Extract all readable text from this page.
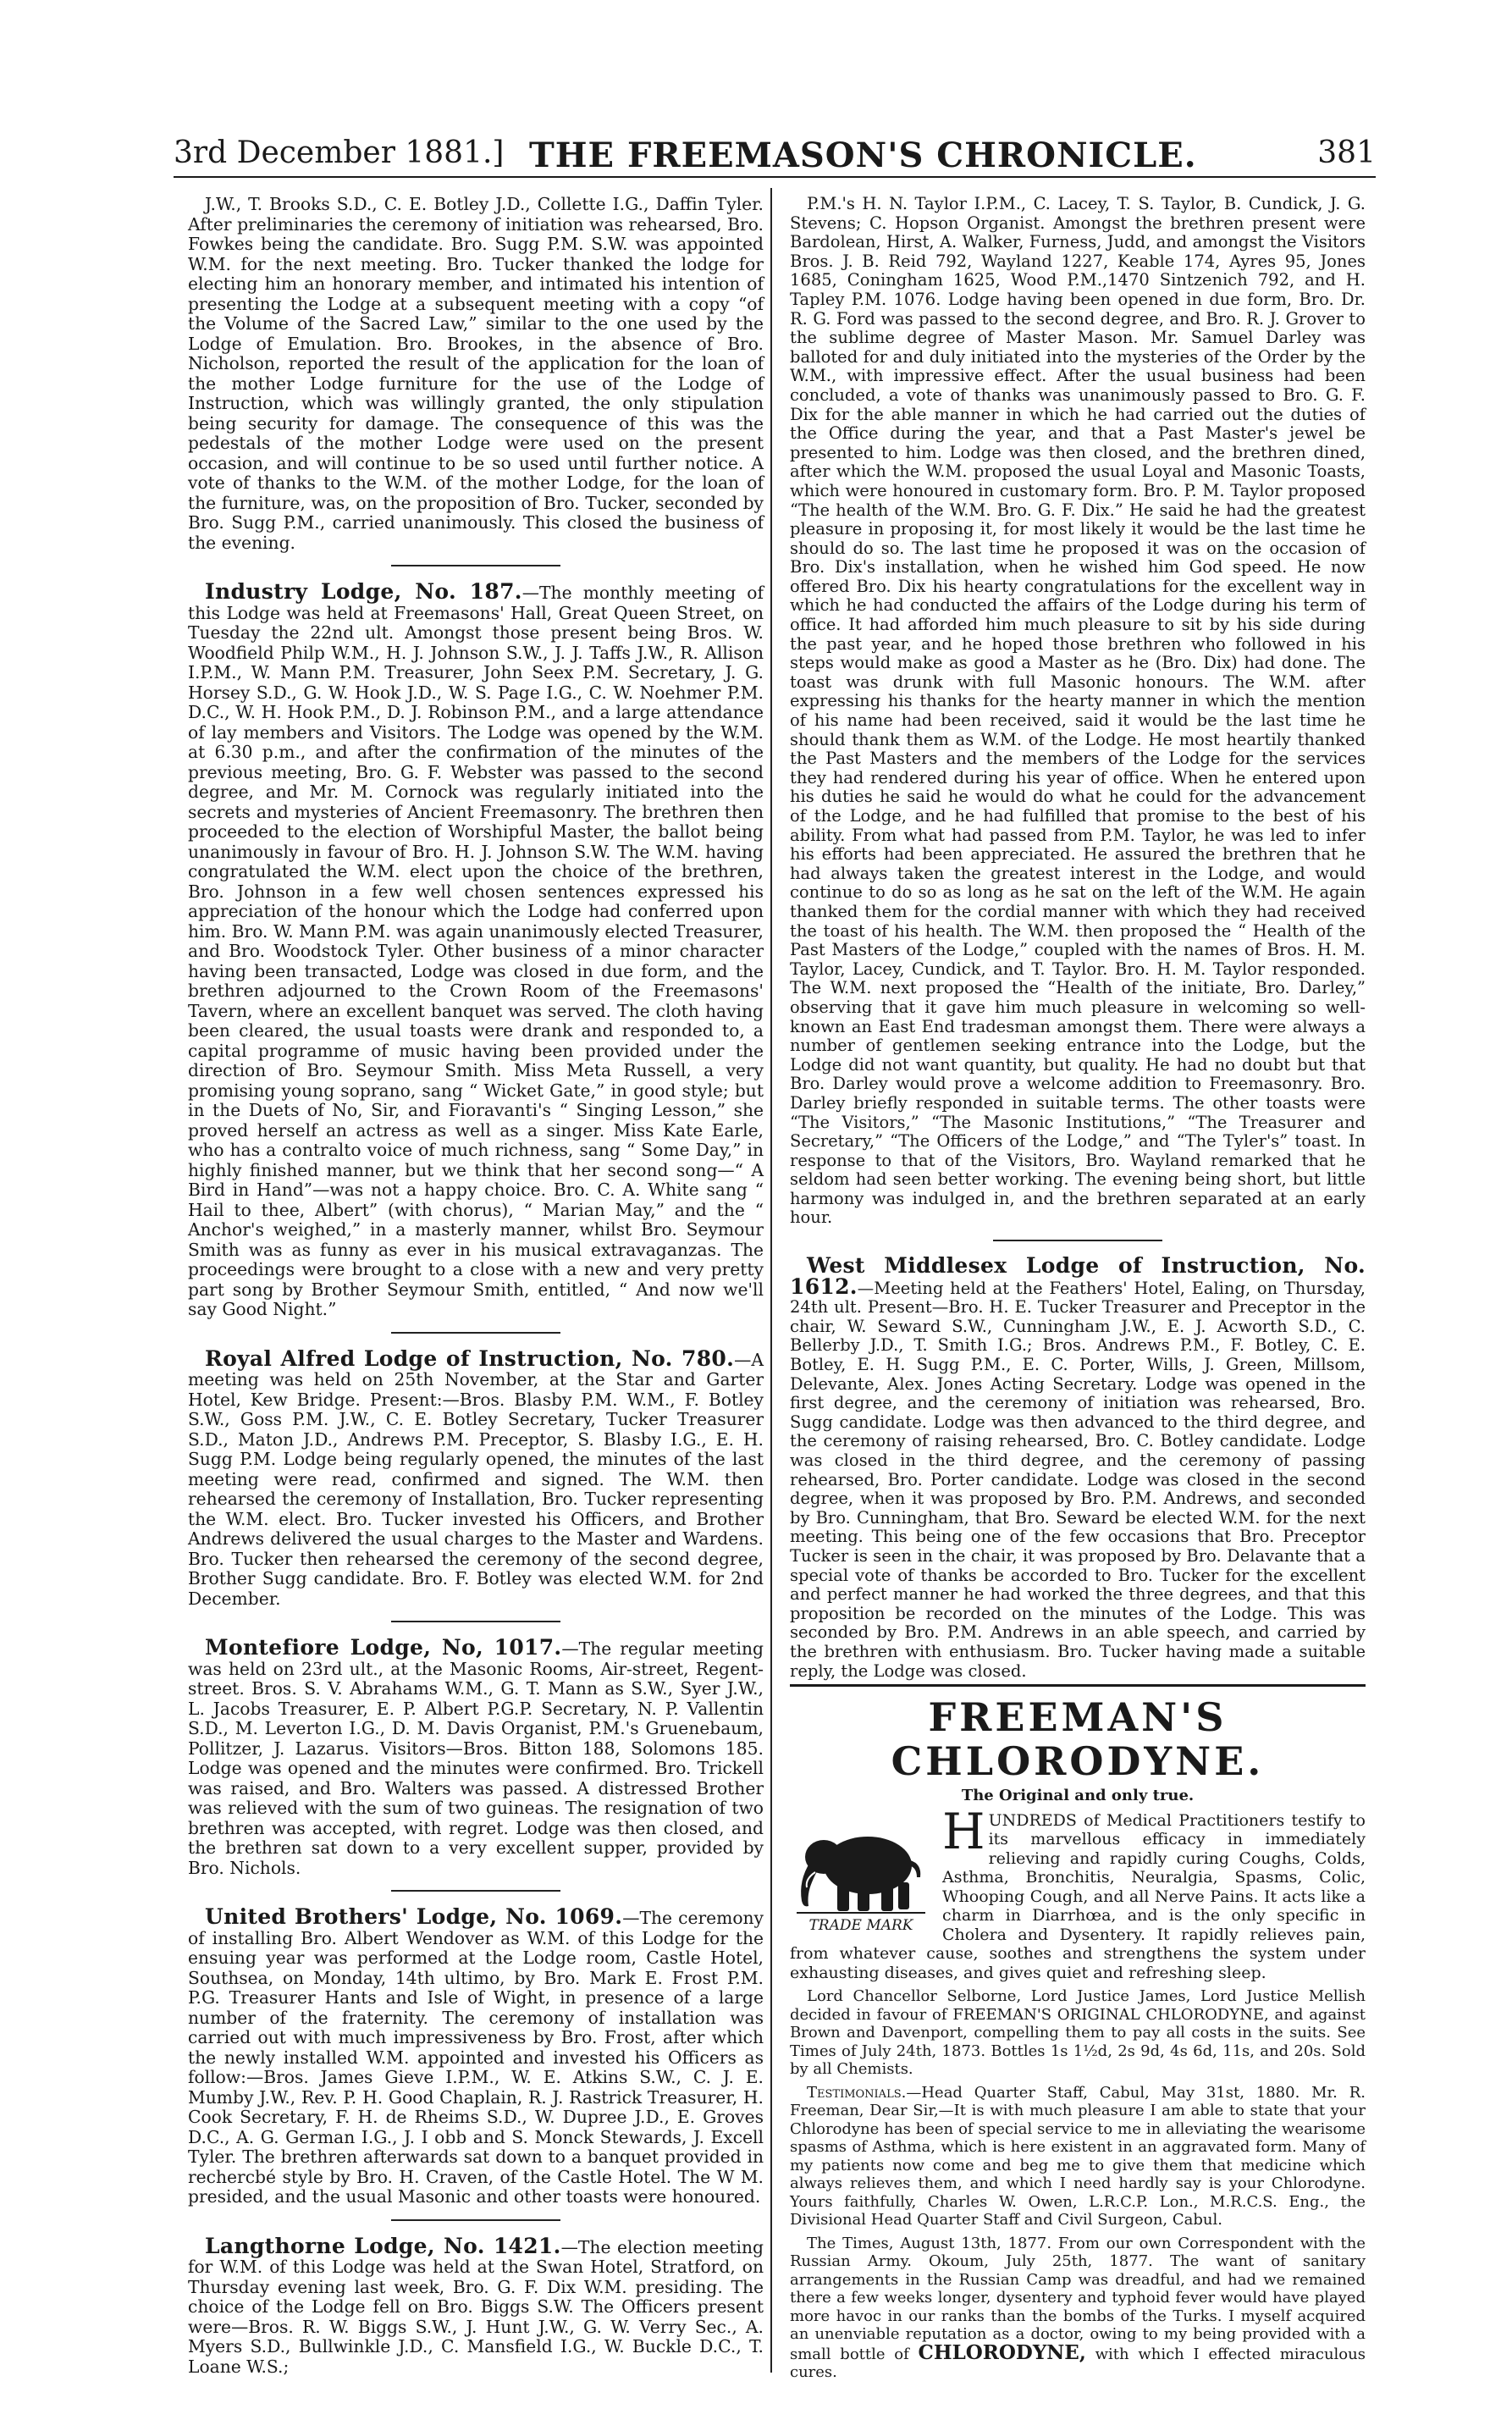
3rd December 1881.] THE FREEMASON'S CHRONICLE.	381

J.W., T. Brooks S.D., C. E. Botley J.D., Collette I.G., Daffin Tyler. After preliminaries the ceremony of initiation was rehearsed, Bro. Fowkes being the candidate. Bro. Sugg P.M. S.W. was appointed W.M. for the next meeting. Bro. Tucker thanked the lodge for electing him an honorary member, and intimated his intention of presenting the Lodge at a subsequent meeting with a copy “of the Volume of the Sacred Law,” similar to the one used by the Lodge of Emulation. Bro. Brookes, in the absence of Bro. Nicholson, reported the result of the application for the loan of the mother Lodge furniture for the use of the Lodge of Instruction, which was willingly granted, the only stipulation being security for damage. The consequence of this was the pedestals of the mother Lodge were used on the present occasion, and will continue to be so used until further notice. A vote of thanks to the W.M. of the mother Lodge, for the loan of the furniture, was, on the proposition of Bro. Tucker, seconded by Bro. Sugg P.M., carried unanimously. This closed the business of the evening.

Industry Lodge, No. 187.—The monthly meeting of this Lodge was held at Freemasons' Hall, Great Queen Street, on Tuesday the 22nd ult. Amongst those present being Bros. W. Woodfield Philp W.M., H. J. Johnson S.W., J. J. Taffs J.W., R. Allison I.P.M., W. Mann P.M. Treasurer, John Seex P.M. Secretary, J. G. Horsey S.D., G. W. Hook J.D., W. S. Page I.G., C. W. Noehmer P.M. D.C., W. H. Hook P.M., D. J. Robinson P.M., and a large attendance of lay members and Visitors. The Lodge was opened by the W.M. at 6.30 p.m., and after the confirmation of the minutes of the previous meeting, Bro. G. F. Webster was passed to the second degree, and Mr. M. Cornock was regularly initiated into the secrets and mysteries of Ancient Freemasonry. The brethren then proceeded to the election of Worshipful Master, the ballot being unanimously in favour of Bro. H. J. Johnson S.W. The W.M. having congratulated the W.M. elect upon the choice of the brethren, Bro. Johnson in a few well chosen sentences expressed his appreciation of the honour which the Lodge had conferred upon him. Bro. W. Mann P.M. was again unanimously elected Treasurer, and Bro. Woodstock Tyler. Other business of a minor character having been transacted, Lodge was closed in due form, and the brethren adjourned to the Crown Room of the Freemasons' Tavern, where an excellent banquet was served. The cloth having been cleared, the usual toasts were drank and responded to, a capital programme of music having been provided under the direction of Bro. Seymour Smith. Miss Meta Russell, a very promising young soprano, sang “ Wicket Gate,” in good style; but in the Duets of No, Sir, and Fioravanti's “ Singing Lesson,” she proved herself an actress as well as a singer. Miss Kate Earle, who has a contralto voice of much richness, sang “ Some Day,” in highly finished manner, but we think that her second song—“ A Bird in Hand”—was not a happy choice. Bro. C. A. White sang “ Hail to thee, Albert” (with chorus), “ Marian May,” and the “ Anchor's weighed,” in a masterly manner, whilst Bro. Seymour Smith was as funny as ever in his musical extravaganzas. The proceedings were brought to a close with a new and very pretty part song by Brother Seymour Smith, entitled, “ And now we'll say Good Night.”

Royal Alfred Lodge of Instruction, No. 780.—A meeting was held on 25th November, at the Star and Garter Hotel, Kew Bridge. Present:—Bros. Blasby P.M. W.M., F. Botley S.W., Goss P.M. J.W., C. E. Botley Secretary, Tucker Treasurer S.D., Maton J.D., Andrews P.M. Preceptor, S. Blasby I.G., E. H. Sugg P.M. Lodge being regularly opened, the minutes of the last meeting were read, confirmed and signed. The W.M. then rehearsed the ceremony of Installation, Bro. Tucker representing the W.M. elect. Bro. Tucker invested his Officers, and Brother Andrews delivered the usual charges to the Master and Wardens. Bro. Tucker then rehearsed the ceremony of the second degree, Brother Sugg candidate. Bro. F. Botley was elected W.M. for 2nd December.

Montefiore Lodge, No, 1017.—The regular meeting was held on 23rd ult., at the Masonic Rooms, Air-street, Regent-street. Bros. S. V. Abrahams W.M., G. T. Mann as S.W., Syer J.W., L. Jacobs Treasurer, E. P. Albert P.G.P. Secretary, N. P. Vallentin S.D., M. Leverton I.G., D. M. Davis Organist, P.M.'s Gruenebaum, Pollitzer, J. Lazarus. Visitors—Bros. Bitton 188, Solomons 185. Lodge was opened and the minutes were confirmed. Bro. Trickell was raised, and Bro. Walters was passed. A distressed Brother was relieved with the sum of two guineas. The resignation of two brethren was accepted, with regret. Lodge was then closed, and the brethren sat down to a very excellent supper, provided by Bro. Nichols.

United Brothers' Lodge, No. 1069.—The ceremony of installing Bro. Albert Wendover as W.M. of this Lodge for the ensuing year was performed at the Lodge room, Castle Hotel, Southsea, on Monday, 14th ultimo, by Bro. Mark E. Frost P.M. P.G. Treasurer Hants and Isle of Wight, in presence of a large number of the fraternity. The ceremony of installation was carried out with much impressiveness by Bro. Frost, after which the newly installed W.M. appointed and invested his Officers as follow:—Bros. James Gieve I.P.M., W. E. Atkins S.W., C. J. E. Mumby J.W., Rev. P. H. Good Chaplain, R. J. Rastrick Treasurer, H. Cook Secretary, F. H. de Rheims S.D., W. Dupree J.D., E. Groves D.C., A. G. German I.G., J. I obb and S. Monck Stewards, J. Excell Tyler. The brethren afterwards sat down to a banquet provided in rechercbé style by Bro. H. Craven, of the Castle Hotel. The W M. presided, and the usual Masonic and other toasts were honoured.

Langthorne Lodge, No. 1421.—The election meeting for W.M. of this Lodge was held at the Swan Hotel, Stratford, on Thursday evening last week, Bro. G. F. Dix W.M. presiding. The choice of the Lodge fell on Bro. Biggs S.W. The Officers present were—Bros. R. W. Biggs S.W., J. Hunt J.W., G. W. Verry Sec., A. Myers S.D., Bullwinkle J.D., C. Mansfield I.G., W. Buckle D.C., T. Loane W.S.;

P.M.'s H. N. Taylor I.P.M., C. Lacey, T. S. Taylor, B. Cundick, J. G. Stevens; C. Hopson Organist. Amongst the brethren present were Bardolean, Hirst, A. Walker, Furness, Judd, and amongst the Visitors Bros. J. B. Reid 792, Wayland 1227, Keable 174, Ayres 95, Jones 1685, Coningham 1625, Wood P.M.,1470 Sintzenich 792, and H. Tapley P.M. 1076. Lodge having been opened in due form, Bro. Dr. R. G. Ford was passed to the second degree, and Bro. R. J. Grover to the sublime degree of Master Mason. Mr. Samuel Darley was balloted for and duly initiated into the mysteries of the Order by the W.M., with impressive effect. After the usual business had been concluded, a vote of thanks was unanimously passed to Bro. G. F. Dix for the able manner in which he had carried out the duties of the Office during the year, and that a Past Master's jewel be presented to him. Lodge was then closed, and the brethren dined, after which the W.M. proposed the usual Loyal and Masonic Toasts, which were honoured in customary form. Bro. P. M. Taylor proposed “The health of the W.M. Bro. G. F. Dix.” He said he had the greatest pleasure in proposing it, for most likely it would be the last time he should do so. The last time he proposed it was on the occasion of Bro. Dix's installation, when he wished him God speed. He now offered Bro. Dix his hearty congratulations for the excellent way in which he had conducted the affairs of the Lodge during his term of office. It had afforded him much pleasure to sit by his side during the past year, and he hoped those brethren who followed in his steps would make as good a Master as he (Bro. Dix) had done. The toast was drunk with full Masonic honours. The W.M. after expressing his thanks for the hearty manner in which the mention of his name had been received, said it would be the last time he should thank them as W.M. of the Lodge. He most heartily thanked the Past Masters and the members of the Lodge for the services they had rendered during his year of office. When he entered upon his duties he said he would do what he could for the advancement of the Lodge, and he had fulfilled that promise to the best of his ability. From what had passed from P.M. Taylor, he was led to infer his efforts had been appreciated. He assured the brethren that he had always taken the greatest interest in the Lodge, and would continue to do so as long as he sat on the left of the W.M. He again thanked them for the cordial manner with which they had received the toast of his health. The W.M. then proposed the “ Health of the Past Masters of the Lodge,” coupled with the names of Bros. H. M. Taylor, Lacey, Cundick, and T. Taylor. Bro. H. M. Taylor responded. The W.M. next proposed the “Health of the initiate, Bro. Darley,” observing that it gave him much pleasure in welcoming so well-known an East End tradesman amongst them. There were always a number of gentlemen seeking entrance into the Lodge, but the Lodge did not want quantity, but quality. He had no doubt but that Bro. Darley would prove a welcome addition to Freemasonry. Bro. Darley briefly responded in suitable terms. The other toasts were “The Visitors,” “The Masonic Institutions,” “The Treasurer and Secretary,” “The Officers of the Lodge,” and “The Tyler's” toast. In response to that of the Visitors, Bro. Wayland remarked that he seldom had seen better working. The evening being short, but little harmony was indulged in, and the brethren separated at an early hour.

West Middlesex Lodge of Instruction, No. 1612.—Meeting held at the Feathers' Hotel, Ealing, on Thursday, 24th ult. Present—Bro. H. E. Tucker Treasurer and Preceptor in the chair, W. Seward S.W., Cunningham J.W., E. J. Acworth S.D., C. Bellerby J.D., T. Smith I.G.; Bros. Andrews P.M., F. Botley, C. E. Botley, E. H. Sugg P.M., E. C. Porter, Wills, J. Green, Millsom, Delevante, Alex. Jones Acting Secretary. Lodge was opened in the first degree, and the ceremony of initiation was rehearsed, Bro. Sugg candidate. Lodge was then advanced to the third degree, and the ceremony of raising rehearsed, Bro. C. Botley candidate. Lodge was closed in the third degree, and the ceremony of passing rehearsed, Bro. Porter candidate. Lodge was closed in the second degree, when it was proposed by Bro. P.M. Andrews, and seconded by Bro. Cunningham, that Bro. Seward be elected W.M. for the next meeting. This being one of the few occasions that Bro. Preceptor Tucker is seen in the chair, it was proposed by Bro. Delavante that a special vote of thanks be accorded to Bro. Tucker for the excellent and perfect manner he had worked the three degrees, and that this proposition be recorded on the minutes of the Lodge. This was seconded by Bro. P.M. Andrews in an able speech, and carried by the brethren with enthusiasm. Bro. Tucker having made a suitable reply, the Lodge was closed.

FREEMAN'S CHLORODYNE.
The Original and only true.
TRADE MARK
HUNDREDS of Medical Practitioners testify to its marvellous efficacy in immediately relieving and rapidly curing Coughs, Colds, Asthma, Bronchitis, Neuralgia, Spasms, Colic, Whooping Cough, and all Nerve Pains. It acts like a charm in Diarrhœa, and is the only specific in Cholera and Dysentery. It rapidly relieves pain, from whatever cause, soothes and strengthens the system under exhausting diseases, and gives quiet and refreshing sleep.

Lord Chancellor Selborne, Lord Justice James, Lord Justice Mellish decided in favour of FREEMAN'S ORIGINAL CHLORODYNE, and against Brown and Davenport, compelling them to pay all costs in the suits. See Times of July 24th, 1873. Bottles 1s 1½d, 2s 9d, 4s 6d, 11s, and 20s. Sold by all Chemists.

Testimonials.—Head Quarter Staff, Cabul, May 31st, 1880. Mr. R. Freeman, Dear Sir,—It is with much pleasure I am able to state that your Chlorodyne has been of special service to me in alleviating the wearisome spasms of Asthma, which is here existent in an aggravated form. Many of my patients now come and beg me to give them that medicine which always relieves them, and which I need hardly say is your Chlorodyne. Yours faithfully, Charles W. Owen, L.R.C.P. Lon., M.R.C.S. Eng., the Divisional Head Quarter Staff and Civil Surgeon, Cabul.

The Times, August 13th, 1877. From our own Correspondent with the Russian Army. Okoum, July 25th, 1877. The want of sanitary arrangements in the Russian Camp was dreadful, and had we remained there a few weeks longer, dysentery and typhoid fever would have played more havoc in our ranks than the bombs of the Turks. I myself acquired an unenviable reputation as a doctor, owing to my being provided with a small bottle of CHLORODYNE, with which I effected miraculous cures.
